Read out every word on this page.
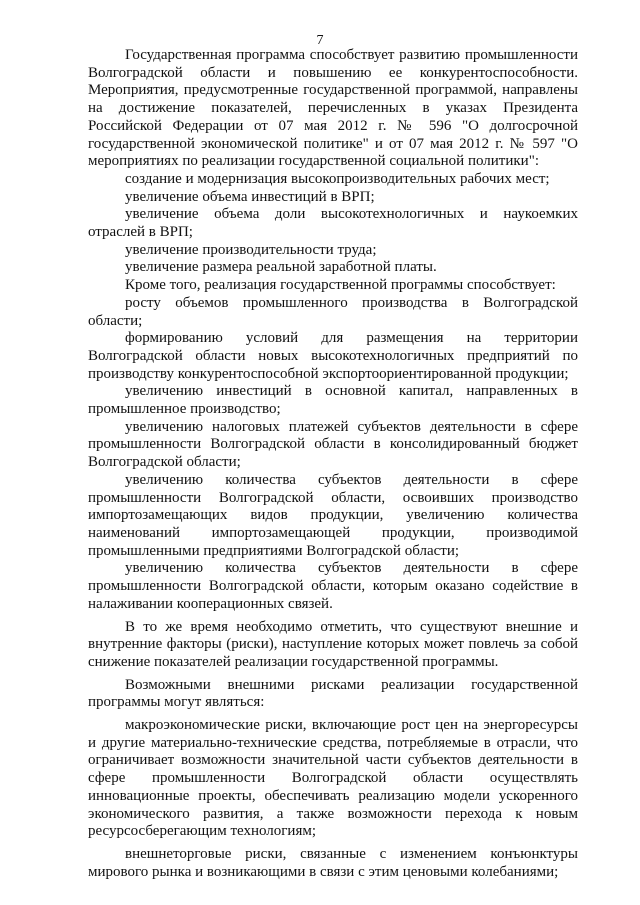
7

Государственная программа способствует развитию промышленности Волгоградской области и повышению ее конкурентоспособности. Мероприятия, предусмотренные государственной программой, направлены на достижение показателей, перечисленных в указах Президента Российской Федерации от 07 мая 2012 г. № 596 "О долгосрочной государственной экономической политике" и от 07 мая 2012 г. № 597 "О мероприятиях по реализации государственной социальной политики":

создание и модернизация высокопроизводительных рабочих мест;

увеличение объема инвестиций в ВРП;

увеличение объема доли высокотехнологичных и наукоемких отраслей в ВРП;

увеличение производительности труда;

увеличение размера реальной заработной платы.

Кроме того, реализация государственной программы способствует:

росту объемов промышленного производства в Волгоградской области;

формированию условий для размещения на территории Волгоградской области новых высокотехнологичных предприятий по производству конкурентоспособной экспортоориентированной продукции;

увеличению инвестиций в основной капитал, направленных в промышленное производство;

увеличению налоговых платежей субъектов деятельности в сфере промышленности Волгоградской области в консолидированный бюджет Волгоградской области;

увеличению количества субъектов деятельности в сфере промышленности Волгоградской области, освоивших производство импортозамещающих видов продукции, увеличению количества наименований импортозамещающей продукции, производимой промышленными предприятиями Волгоградской области;

увеличению количества субъектов деятельности в сфере промышленности Волгоградской области, которым оказано содействие в налаживании кооперационных связей.

В то же время необходимо отметить, что существуют внешние и внутренние факторы (риски), наступление которых может повлечь за собой снижение показателей реализации государственной программы.

Возможными внешними рисками реализации государственной программы могут являться:

макроэкономические риски, включающие рост цен на энергоресурсы и другие материально-технические средства, потребляемые в отрасли, что ограничивает возможности значительной части субъектов деятельности в сфере промышленности Волгоградской области осуществлять инновационные проекты, обеспечивать реализацию модели ускоренного экономического развития, а также возможности перехода к новым ресурсосберегающим технологиям;

внешнеторговые риски, связанные с изменением конъюнктуры мирового рынка и возникающими в связи с этим ценовыми колебаниями;
